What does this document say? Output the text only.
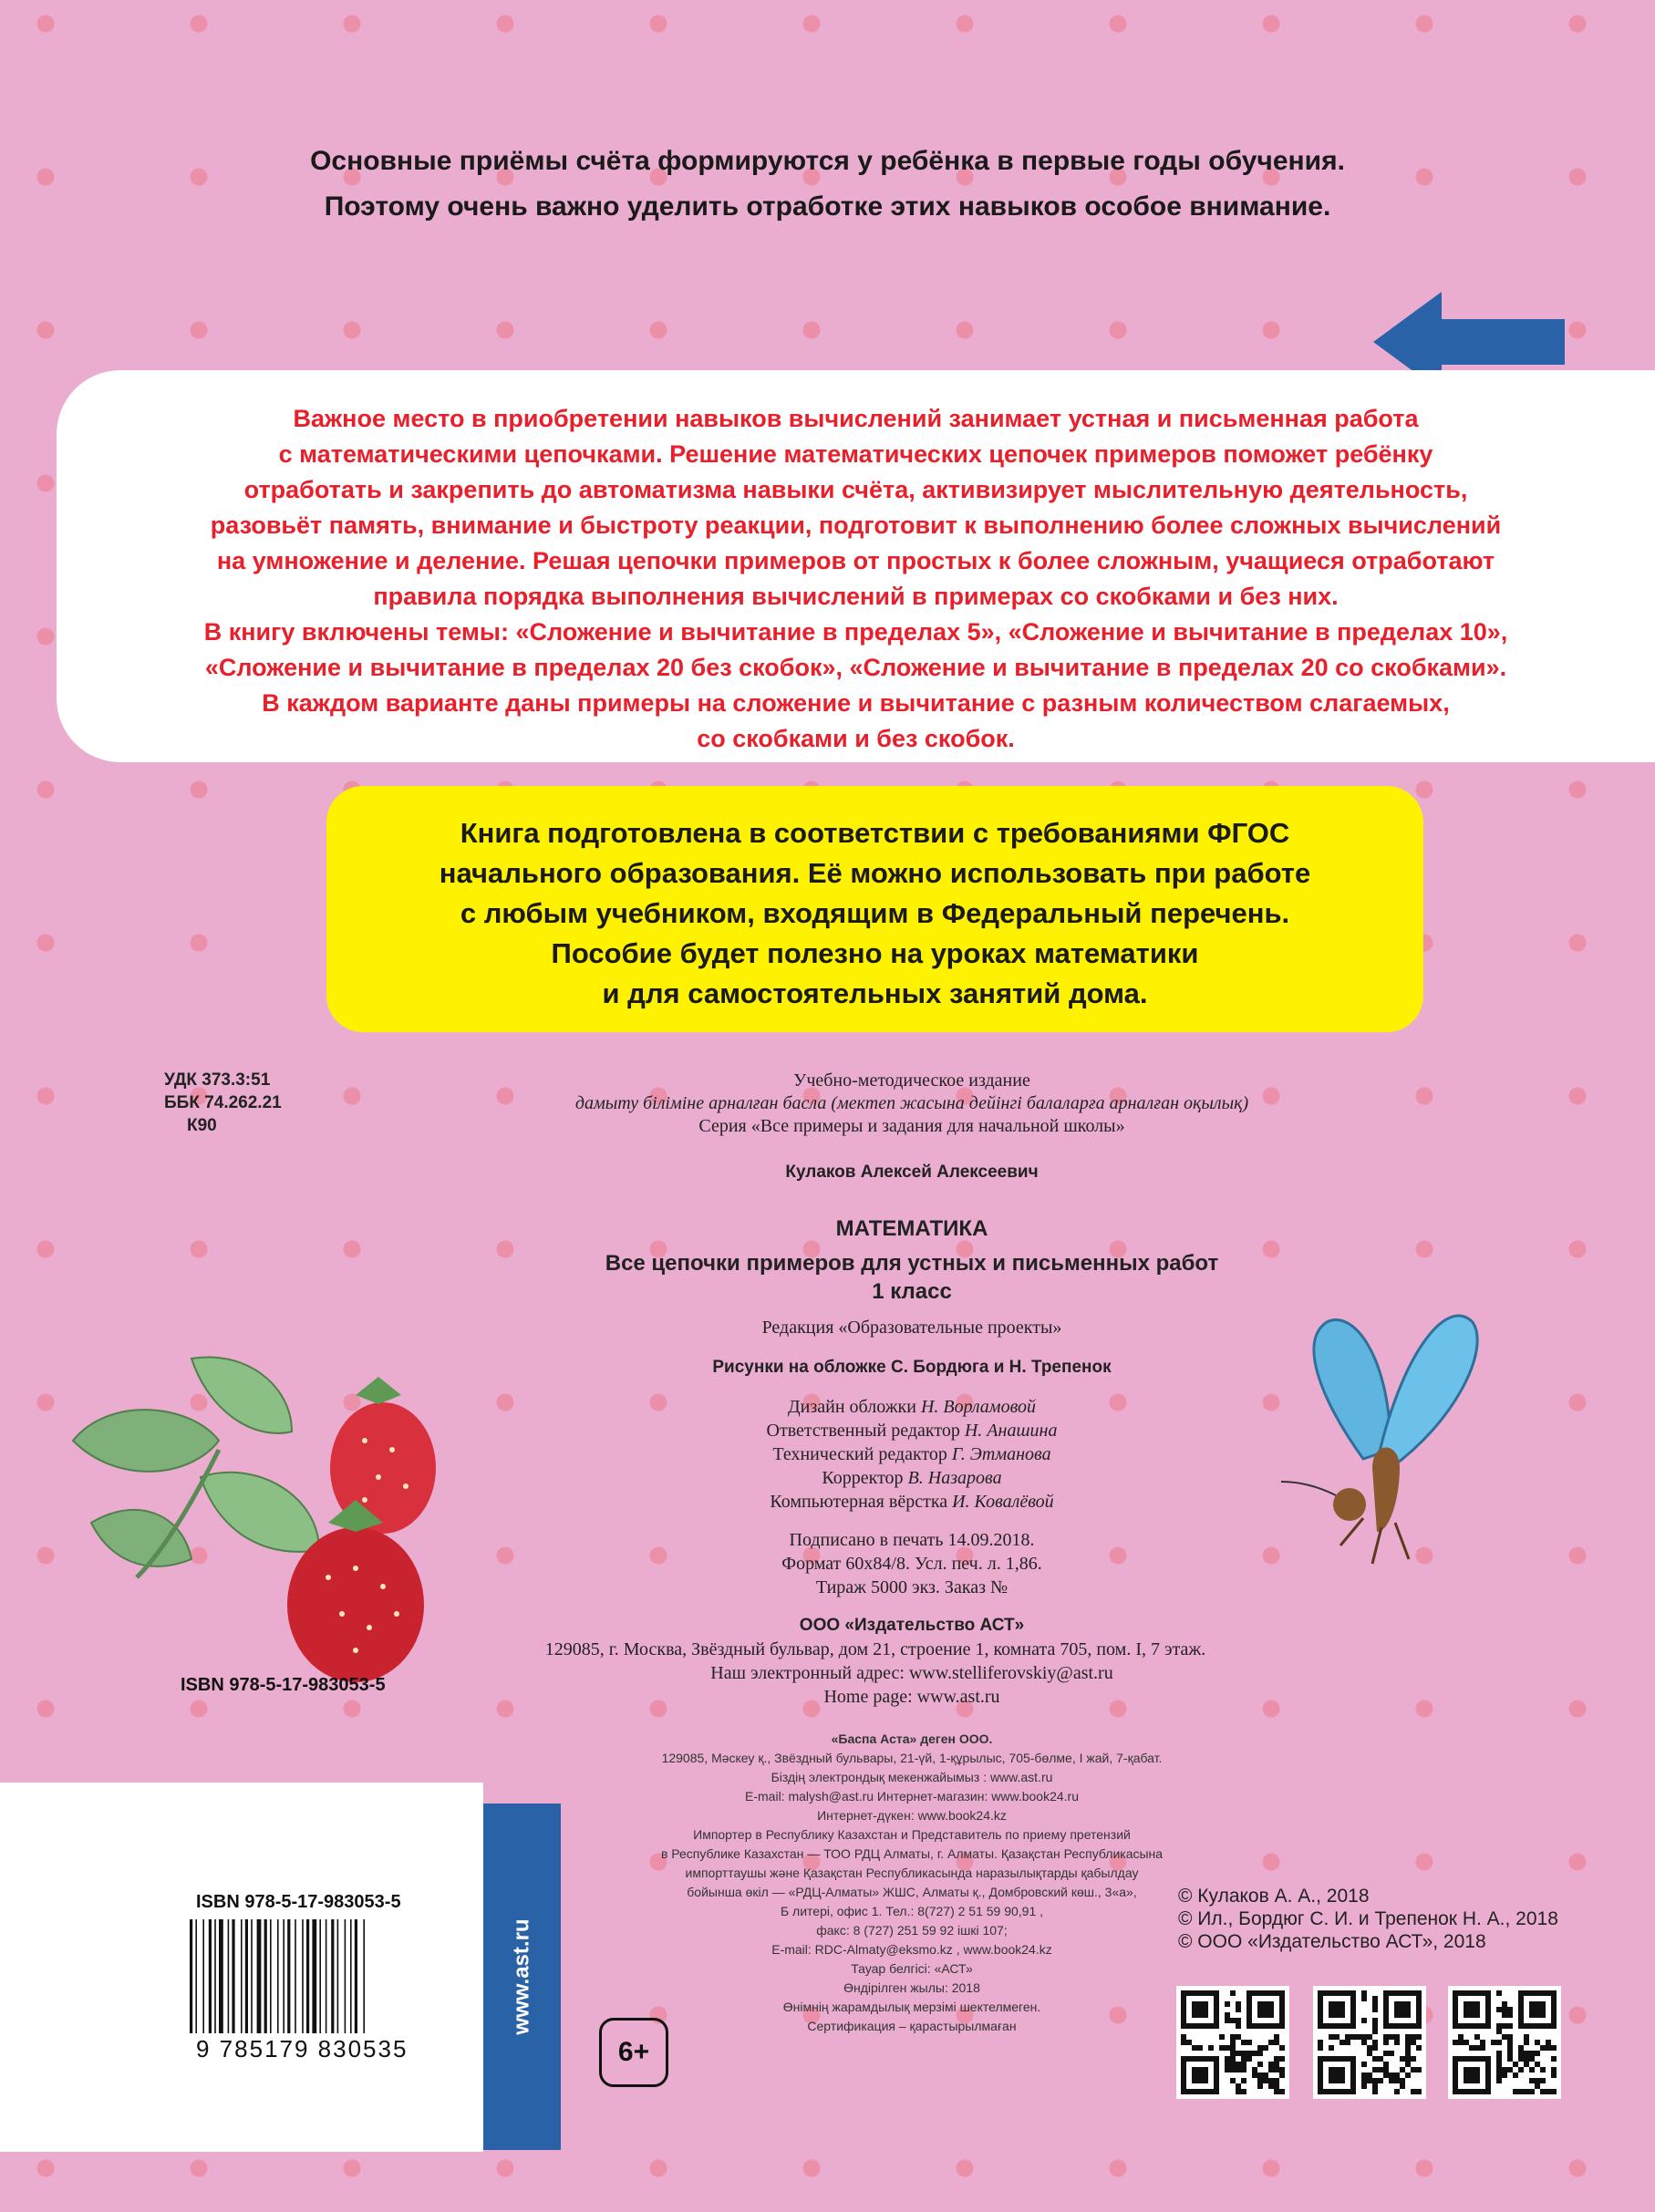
Основные приёмы счёта формируются у ребёнка в первые годы обучения.
Поэтому очень важно уделить отработке этих навыков особое внимание.
Важное место в приобретении навыков вычислений занимает устная и письменная работа
с математическими цепочками. Решение математических цепочек примеров поможет ребёнку
отработать и закрепить до автоматизма навыки счёта, активизирует мыслительную деятельность,
разовьёт память, внимание и быстроту реакции, подготовит к выполнению более сложных вычислений
на умножение и деление. Решая цепочки примеров от простых к более сложным, учащиеся отработают
правила порядка выполнения вычислений в примерах со скобками и без них.
В книгу включены темы: «Сложение и вычитание в пределах 5», «Сложение и вычитание в пределах 10»,
«Сложение и вычитание в пределах 20 без скобок», «Сложение и вычитание в пределах 20 со скобками».
В каждом варианте даны примеры на сложение и вычитание с разным количеством слагаемых,
со скобками и без скобок.
Книга подготовлена в соответствии с требованиями ФГОС
начального образования. Её можно использовать при работе
с любым учебником, входящим в Федеральный перечень.
Пособие будет полезно на уроках математики
и для самостоятельных занятий дома.
УДК 373.3:51
ББК 74.262.21
К90
Учебно-методическое издание
дамыту біліміне арналған басла (мектеп жасына дейінгі балаларға арналған оқылық)
Серия «Все примеры и задания для начальной школы»
Кулаков Алексей Алексеевич
МАТЕМАТИКА
Все цепочки примеров для устных и письменных работ
1 класс
Редакция «Образовательные проекты»
Рисунки на обложке С. Бордюга и Н. Трепенок
Дизайн обложки Н. Ворламовой
Ответственный редактор Н. Анашина
Технический редактор Г. Этманова
Корректор В. Назарова
Компьютерная вёрстка И. Ковалёвой
Подписано в печать 14.09.2018.
Формат 60х84/8. Усл. печ. л. 1,86.
Тираж 5000 экз. Заказ №
ООО «Издательство АСТ»
129085, г. Москва, Звёздный бульвар, дом 21, строение 1, комната 705, пом. I, 7 этаж.
Наш электронный адрес: www.stelliferovskiy@ast.ru
Home page: www.ast.ru
«Баспа Аста» деген ООО.
129085, Мәскеу қ., Звёздный бульвары, 21-үй, 1-құрылыс, 705-бөлме, I жай, 7-қабат.
Біздің электрондық мекенжайымыз : www.ast.ru
E-mail: malysh@ast.ru Интернет-магазин: www.book24.ru
Интернет-дүкен: www.book24.kz
Импортер в Республику Казахстан и Представитель по приему претензий
в Республике Казахстан — ТОО РДЦ Алматы, г. Алматы. Қазақстан Республикасына
импорттаушы және Қазақстан Республикасында наразылықтарды қабылдау
бойынша өкіл — «РДЦ-Алматы» ЖШС, Алматы қ., Домбровский көш., 3«а»,
Б литері, офис 1. Тел.: 8(727) 2 51 59 90,91 ,
факс: 8 (727) 251 59 92 ішкі 107;
E-mail: RDC-Almaty@eksmo.kz , www.book24.kz
Тауар белгісі: «АСТ»
Өндірілген жылы: 2018
Өнімнің жарамдылық мерзімі шектелмеген.
Сертификация – қарастырылмаған
ISBN 978-5-17-983053-5
ISBN 978-5-17-983053-5
9 785179 830535
www.ast.ru
6+
© Кулаков А. А., 2018
© Ил., Бордюг С. И. и Трепенок Н. А., 2018
© ООО «Издательство АСТ», 2018
